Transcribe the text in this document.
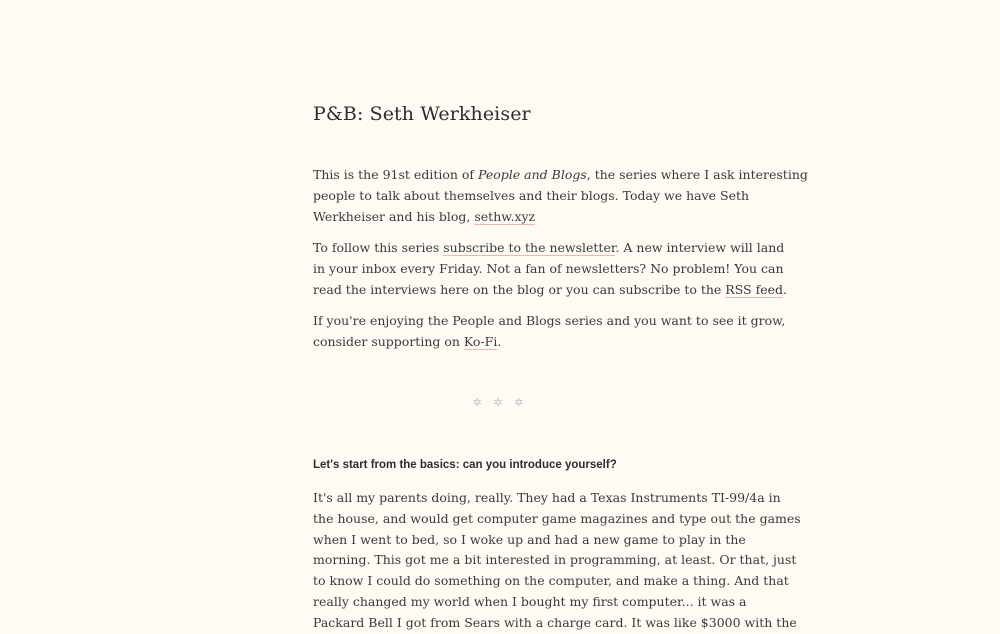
P&B: Seth Werkheiser

This is the 91st edition of People and Blogs, the series where I ask interesting
people to talk about themselves and their blogs. Today we have Seth
Werkheiser and his blog, sethw.xyz

To follow this series subscribe to the newsletter. A new interview will land
in your inbox every Friday. Not a fan of newsletters? No problem! You can
read the interviews here on the blog or you can subscribe to the RSS feed.

If you're enjoying the People and Blogs series and you want to see it grow,
consider supporting on Ko-Fi.

✲ ✲ ✲
Let's start from the basics: can you introduce yourself?

It's all my parents doing, really. They had a Texas Instruments TI-99/4a in
the house, and would get computer game magazines and type out the games
when I went to bed, so I woke up and had a new game to play in the
morning. This got me a bit interested in programming, at least. Or that, just
to know I could do something on the computer, and make a thing. And that
really changed my world when I bought my first computer... it was a
Packard Bell I got from Sears with a charge card. It was like $3000 with the
